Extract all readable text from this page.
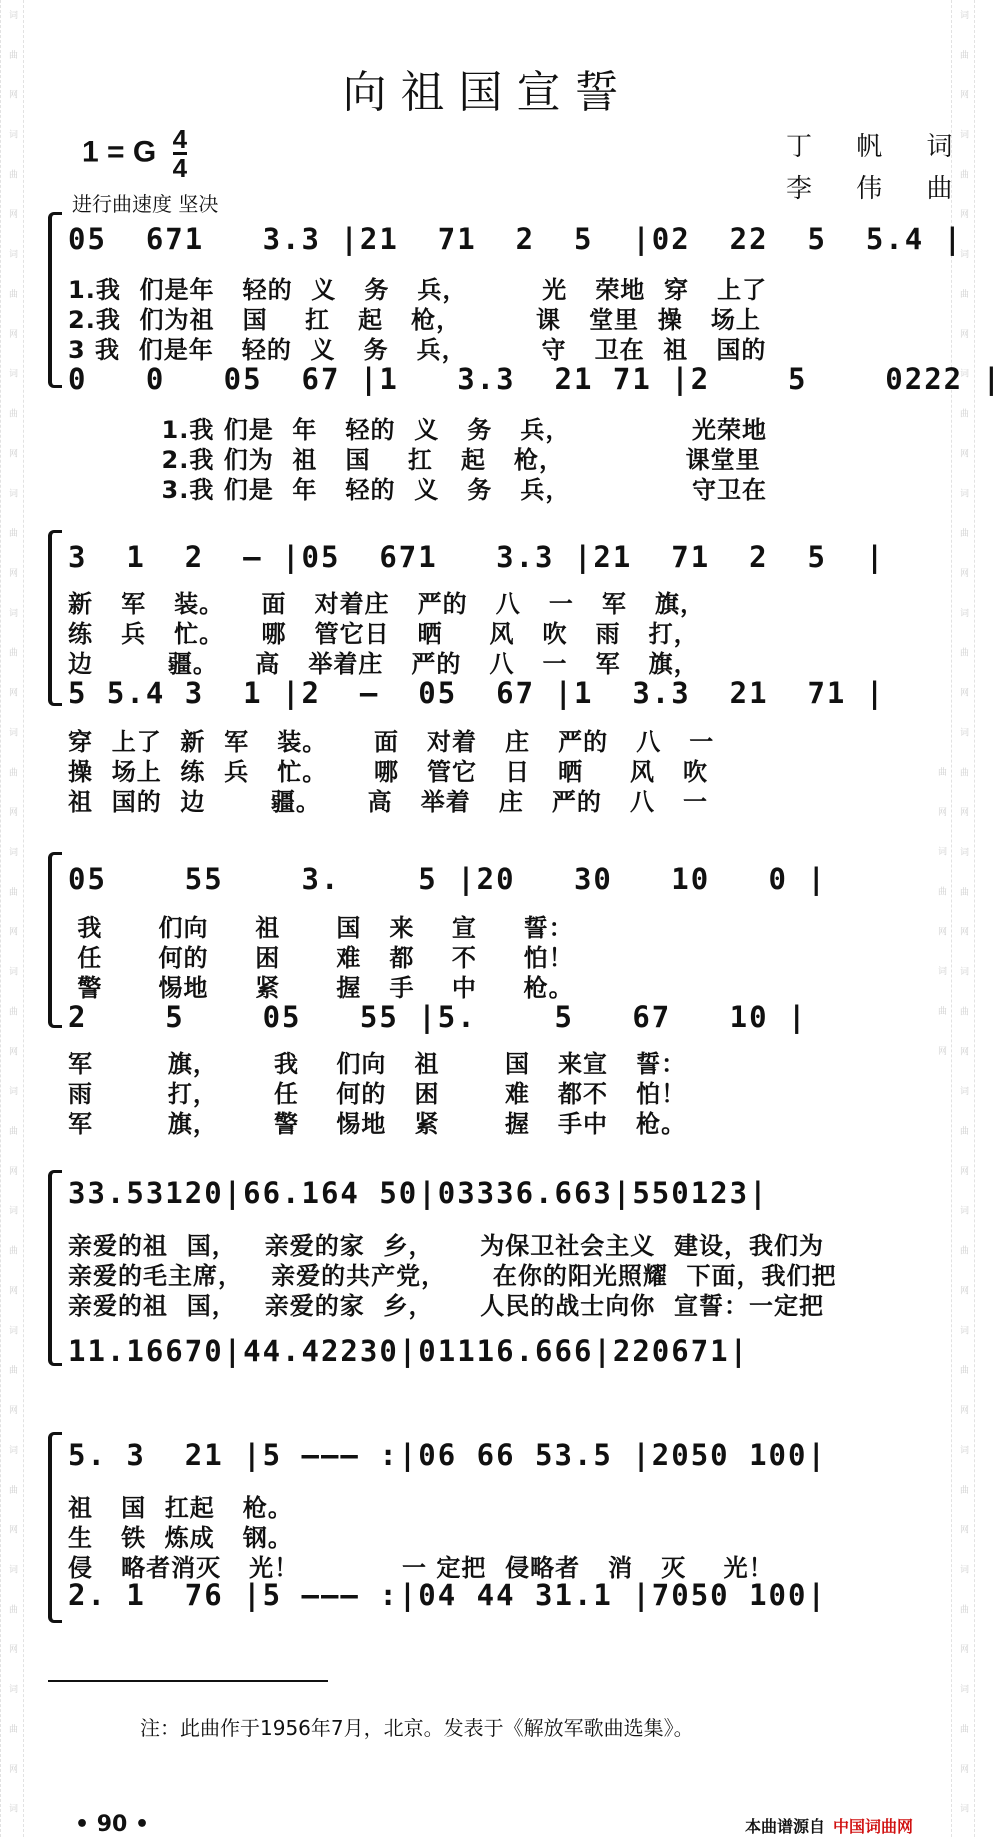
词 曲 网 词 曲 网 词 曲 网 词 曲 网 词 曲 网 词 曲 网 词 曲 网 词 曲 网 词 曲 网 词 曲 网 词 曲 网 词 曲 网 词 曲 网 词 曲 网 词 曲 网 词	词 曲 网 词 曲 网 词 曲 网 词 曲 网 词 曲 网 词 曲 网 词 曲 网 词 曲 网 词 曲 网 词 曲 网 词 曲 网 词 曲 网 词 曲 网 词 曲 网 词 曲 网 词 曲 网 词 曲 网 词 曲 网
向祖国宣誓
1 = G $\frac{4}{4}$	丁 帆 词
李 伟 曲
进行曲速度 坚决
05  671   3.3 |21  71  2  5  |02  22  5  5.4 |
1.我  们是年   轻的  义   务   兵，        光   荣地  穿   上了
2.我  们为祖   国    扛   起   枪，        课   堂里  操   场上
3 我  们是年   轻的  义   务   兵，        守   卫在  祖   国的
0   0   05  67 |1   3.3  21 71 |2    5    0222 |
1.我 们是  年   轻的  义   务   兵，             光荣地
2.我 们为  祖   国    扛   起   枪，             课堂里
3.我 们是  年   轻的  义   务   兵，             守卫在
3  1  2  — |05  671   3.3 |21  71  2  5  |
新   军   装。    面   对着庄   严的   八   一   军   旗，
练   兵   忙。    哪   管它日   晒     风   吹   雨   打，
边        疆。    高   举着庄   严的   八   一   军   旗，
5 5.4 3  1 |2  —  05  67 |1  3.3  21  71 |
穿  上了  新  军   装。     面   对着   庄   严的   八   一
操  场上  练  兵   忙。     哪   管它   日   晒     风   吹
祖  国的  边       疆。     高   举着   庄   严的   八   一
05    55    3.    5 |20   30   10   0 |
我      们向     祖      国   来    宣     誓：
任      何的     困      难   都    不     怕！
警      惕地     紧      握   手    中     枪。
2    5    05   55 |5.    5   67   10 |
军        旗，      我    们向   祖       国   来宣   誓：
雨        打，      任    何的   困       难   都不   怕！
军        旗，      警    惕地   紧       握   手中   枪。
33.53120|66.164 50|03336.663|550123|
亲爱的祖  国，   亲爱的家  乡，     为保卫社会主义  建设，我们为
亲爱的毛主席，   亲爱的共产党，     在你的阳光照耀  下面，我们把
亲爱的祖  国，   亲爱的家  乡，     人民的战士向你  宣誓：一定把
11.16670|44.42230|01116.666|220671|
5. 3  21 |5 ——— :|06 66 53.5 |2050 100|
祖   国  扛起   枪。
生   铁  炼成   钢。
侵   略者消灭   光！           一 定把  侵略者   消   灭    光！
2. 1  76 |5 ——— :|04 44 31.1 |7050 100|
注：此曲作于1956年7月，北京。发表于《解放军歌曲选集》。
• 90 •	本曲谱源自 中国词曲网
